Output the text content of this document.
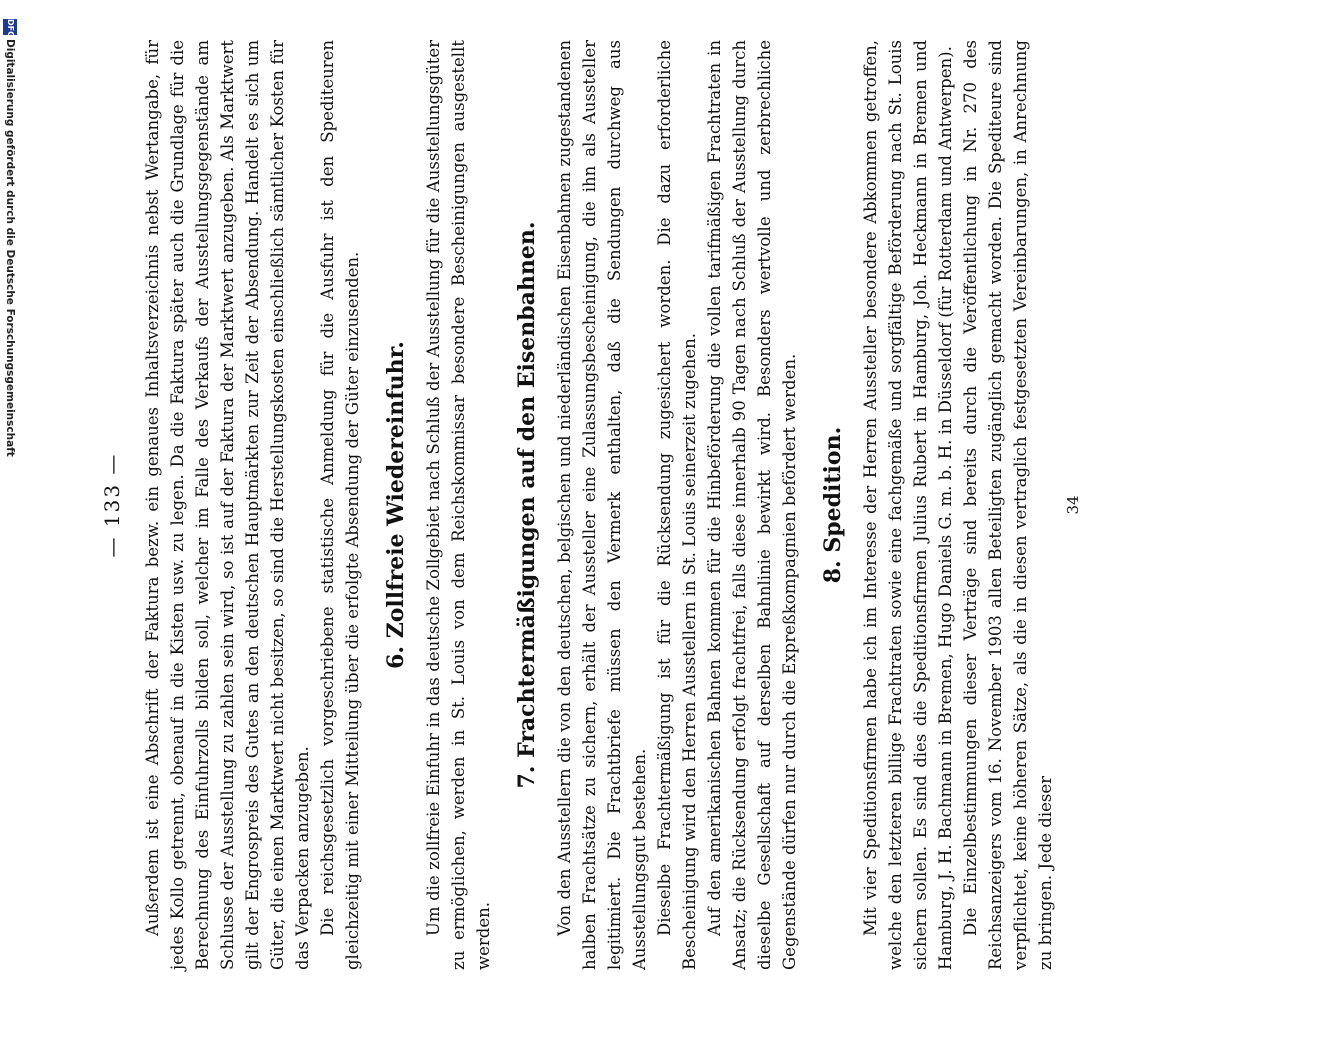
DFG
Digitalisierung gefördert durch die Deutsche Forschungsgemeinschaft
— 133 — Außerdem ist eine Abschrift der Faktura bezw. ein genaues Inhaltsverzeichnis nebst Wertangabe, für jedes Kollo getrennt, obenauf in die Kisten usw. zu legen. Da die Faktura später auch die Grundlage für die Berechnung des Einfuhrzolls bilden soll, welcher im Falle des Verkaufs der Ausstellungsgegenstände am Schlusse der Ausstellung zu zahlen sein wird, so ist auf der Faktura der Marktwert anzugeben. Als Marktwert gilt der Engrospreis des Gutes an den deutschen Hauptmärkten zur Zeit der Absendung. Handelt es sich um Güter, die einen Marktwert nicht besitzen, so sind die Herstellungskosten einschließlich sämtlicher Kosten für das Verpacken anzugeben. Die reichsgesetzlich vorgeschriebene statistische Anmeldung für die Ausfuhr ist den Spediteuren gleichzeitig mit einer Mitteilung über die erfolgte Absendung der Güter einzusenden. 6. Zollfreie Wiedereinfuhr. Um die zollfreie Einfuhr in das deutsche Zollgebiet nach Schluß der Ausstellung für die Ausstellungsgüter zu ermöglichen, werden in St. Louis von dem Reichskommissar besondere Bescheinigungen ausgestellt werden.

7. Frachtermäßigungen auf den Eisenbahnen. Von den Ausstellern die von den deutschen, belgischen und niederländischen Eisenbahnen zugestandenen halben Frachtsätze zu sichern, erhält der Aussteller eine Zulassungsbescheinigung, die ihn als Aussteller legitimiert. Die Frachtbriefe müssen den Vermerk enthalten, daß die Sendungen durchweg aus Ausstellungsgut bestehen. Dieselbe Frachtermäßigung ist für die Rücksendung zugesichert worden. Die dazu erforderliche Bescheinigung wird den Herren Ausstellern in St. Louis seinerzeit zugehen. Auf den amerikanischen Bahnen kommen für die Hinbeförderung die vollen tarifmäßigen Frachtraten in Ansatz; die Rücksendung erfolgt frachtfrei, falls diese innerhalb 90 Tagen nach Schluß der Ausstellung durch dieselbe Gesellschaft auf derselben Bahnlinie bewirkt wird. Besonders wertvolle und zerbrechliche Gegenstände dürfen nur durch die Expreßkompagnien befördert werden. 8. Spedition. Mit vier Speditionsfirmen habe ich im Interesse der Herren Aussteller besondere Abkommen getroffen, welche den letzteren billige Frachtraten sowie eine fachgemäße und sorgfältige Beförderung nach St. Louis sichern sollen. Es sind dies die Speditionsfirmen Julius Rubert in Hamburg, Joh. Heckmann in Bremen und Hamburg, J. H. Bachmann in Bremen, Hugo Daniels G. m. b. H. in Düsseldorf (für Rotterdam und Antwerpen). Die Einzelbestimmungen dieser Verträge sind bereits durch die Veröffentlichung in Nr. 270 des Reichsanzeigers vom 16. November 1903 allen Beteiligten zugänglich gemacht worden. Die Spediteure sind verpflichtet, keine höheren Sätze, als die in diesen vertraglich festgesetzten Vereinbarungen, in Anrechnung zu bringen. Jede dieser

34
